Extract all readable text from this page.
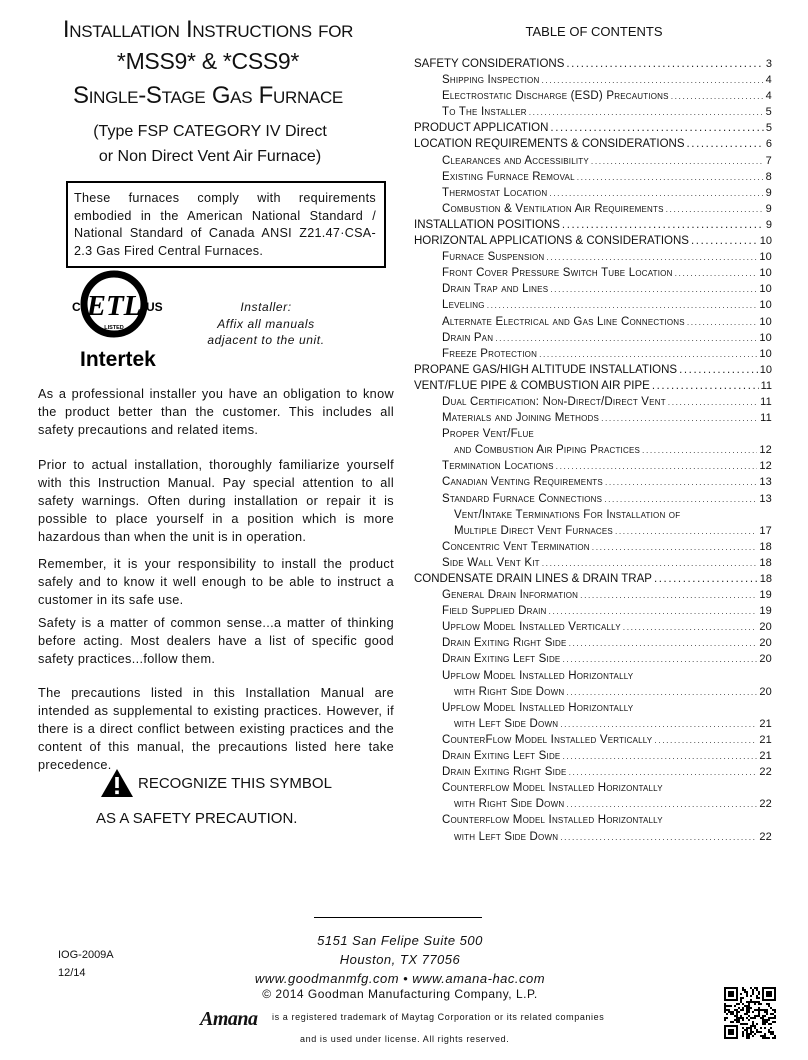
Installation Instructions for
*MSS9* & *CSS9*
Single-Stage Gas Furnace
(Type FSP CATEGORY IV Direct
or Non Direct Vent Air Furnace)
These furnaces comply with requirements embodied in the American National Standard / National Standard of Canada ANSI Z21.47·CSA-2.3 Gas Fired Central Furnaces.
ETL
LISTED
C	US
Intertek
Installer:
Affix all manuals
adjacent to the unit.

As a professional installer you have an obligation to know the product better than the customer. This includes all safety precautions and related items.

Prior to actual installation, thoroughly familiarize yourself with this Instruction Manual. Pay special attention to all safety warnings. Often during installation or repair it is possible to place yourself in a position which is more hazardous than when the unit is in operation.

Remember, it is your responsibility to install the product safely and to know it well enough to be able to instruct a customer in its safe use.

Safety is a matter of common sense...a matter of thinking before acting. Most dealers have a list of specific good safety practices...follow them.

The precautions listed in this Installation Manual are intended as supplemental to existing practices. However, if there is a direct conflict between existing practices and the content of this manual, the precautions listed here take precedence.

RECOGNIZE THIS SYMBOL
AS A SAFETY PRECAUTION.
TABLE OF CONTENTS
SAFETY CONSIDERATIONS .....	3
Shipping Inspection .....	4
Electrostatic Discharge (ESD) Precautions .....	4
To The Installer .....	5
PRODUCT APPLICATION .....	5
LOCATION REQUIREMENTS & CONSIDERATIONS .....	6
Clearances and Accessibility .....	7
Existing Furnace Removal .....	8
Thermostat Location .....	9
Combustion & Ventilation Air Requirements .....	9
INSTALLATION POSITIONS .....	9
HORIZONTAL APPLICATIONS & CONSIDERATIONS .....	10
Furnace Suspension .....	10
Front Cover Pressure Switch Tube Location .....	10
Drain Trap and Lines .....	10
Leveling .....	10
Alternate Electrical and Gas Line Connections .....	10
Drain Pan .....	10
Freeze Protection .....	10
PROPANE GAS/HIGH ALTITUDE INSTALLATIONS .....	10
VENT/FLUE PIPE & COMBUSTION AIR PIPE .....	11
Dual Certification: Non-Direct/Direct Vent .....	11
Materials and Joining Methods .....	11
Proper Vent/Flue
and Combustion Air Piping Practices .....	12
Termination Locations .....	12
Canadian Venting Requirements .....	13
Standard Furnace Connections .....	13
Vent/Intake Terminations For Installation of
Multiple Direct Vent Furnaces .....	17
Concentric Vent Termination .....	18
Side Wall Vent Kit .....	18
CONDENSATE DRAIN LINES & DRAIN TRAP .....	18
General Drain Information .....	19
Field Supplied Drain .....	19
Upflow Model Installed Vertically .....	20
Drain Exiting Right Side .....	20
Drain Exiting Left Side .....	20
Upflow Model Installed Horizontally
with Right Side Down .....	20
Upflow Model Installed Horizontally
with Left Side Down .....	21
CounterFlow Model Installed Vertically .....	21
Drain Exiting Left Side .....	21
Drain Exiting Right Side .....	22
Counterflow Model Installed Horizontally
with Right Side Down .....	22
Counterflow Model Installed Horizontally
with Left Side Down .....	22
5151 San Felipe Suite 500
Houston, TX 77056
www.goodmanmfg.com • www.amana-hac.com
© 2014 Goodman Manufacturing Company, L.P.
IOG-2009A
12/14
Amana is a registered trademark of Maytag Corporation or its related companies
and is used under license. All rights reserved.
